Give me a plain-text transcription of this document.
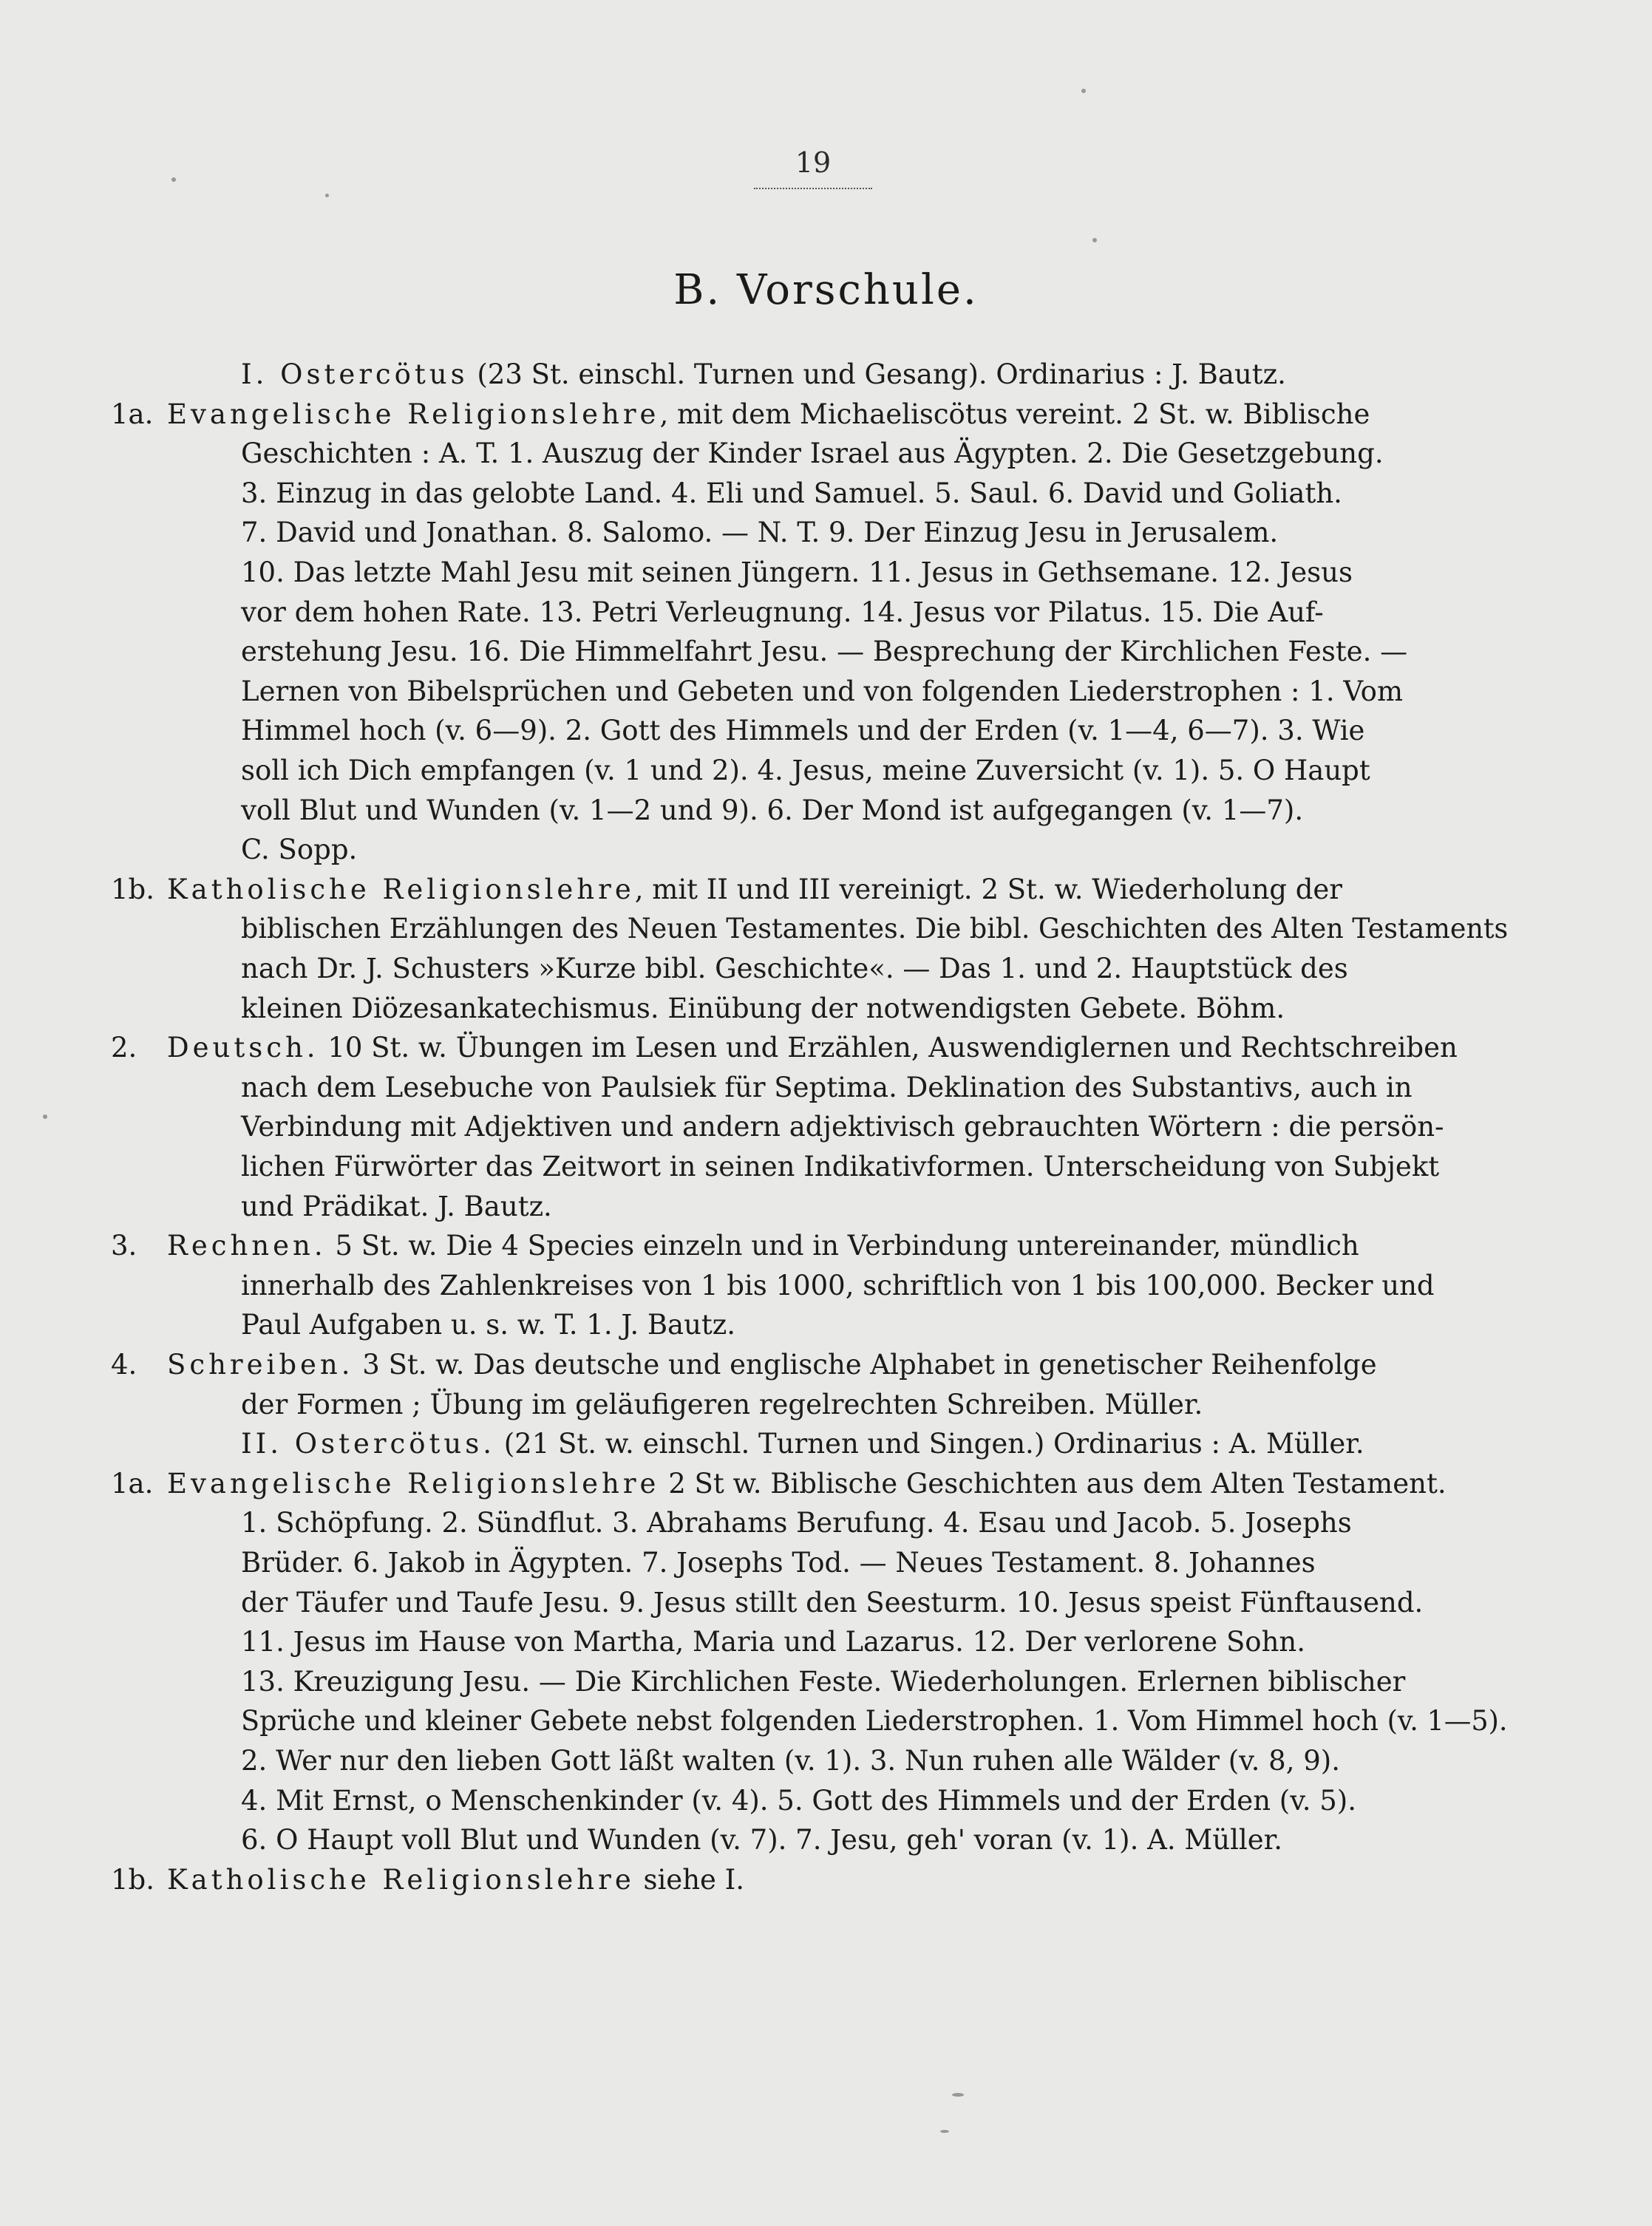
19
B. Vorschule.
I. Ostercötus (23 St. einschl. Turnen und Gesang). Ordinarius : J. Bautz.
1a. Evangelische Religionslehre, mit dem Michaeliscötus vereint. 2 St. w. Biblische
Geschichten : A. T. 1. Auszug der Kinder Israel aus Ägypten. 2. Die Gesetzgebung.
3. Einzug in das gelobte Land. 4. Eli und Samuel. 5. Saul. 6. David und Goliath.
7. David und Jonathan. 8. Salomo. — N. T. 9. Der Einzug Jesu in Jerusalem.
10. Das letzte Mahl Jesu mit seinen Jüngern. 11. Jesus in Gethsemane. 12. Jesus
vor dem hohen Rate. 13. Petri Verleugnung. 14. Jesus vor Pilatus. 15. Die Auf-
erstehung Jesu. 16. Die Himmelfahrt Jesu. — Besprechung der Kirchlichen Feste. —
Lernen von Bibelsprüchen und Gebeten und von folgenden Liederstrophen : 1. Vom
Himmel hoch (v. 6—9). 2. Gott des Himmels und der Erden (v. 1—4, 6—7). 3. Wie
soll ich Dich empfangen (v. 1 und 2). 4. Jesus, meine Zuversicht (v. 1). 5. O Haupt
voll Blut und Wunden (v. 1—2 und 9). 6. Der Mond ist aufgegangen (v. 1—7).
C. Sopp.
1b. Katholische Religionslehre, mit II und III vereinigt. 2 St. w. Wiederholung der
biblischen Erzählungen des Neuen Testamentes. Die bibl. Geschichten des Alten Testaments
nach Dr. J. Schusters »Kurze bibl. Geschichte«. — Das 1. und 2. Hauptstück des
kleinen Diözesankatechismus. Einübung der notwendigsten Gebete. Böhm.
2. Deutsch. 10 St. w. Übungen im Lesen und Erzählen, Auswendiglernen und Rechtschreiben
nach dem Lesebuche von Paulsiek für Septima. Deklination des Substantivs, auch in
Verbindung mit Adjektiven und andern adjektivisch gebrauchten Wörtern : die persön-
lichen Fürwörter das Zeitwort in seinen Indikativformen. Unterscheidung von Subjekt
und Prädikat. J. Bautz.
3. Rechnen. 5 St. w. Die 4 Species einzeln und in Verbindung untereinander, mündlich
innerhalb des Zahlenkreises von 1 bis 1000, schriftlich von 1 bis 100,000. Becker und
Paul Aufgaben u. s. w. T. 1. J. Bautz.
4. Schreiben. 3 St. w. Das deutsche und englische Alphabet in genetischer Reihenfolge
der Formen ; Übung im geläufigeren regelrechten Schreiben. Müller.
II. Ostercötus. (21 St. w. einschl. Turnen und Singen.) Ordinarius : A. Müller.
1a. Evangelische Religionslehre 2 St w. Biblische Geschichten aus dem Alten Testament.
1. Schöpfung. 2. Sündflut. 3. Abrahams Berufung. 4. Esau und Jacob. 5. Josephs
Brüder. 6. Jakob in Ägypten. 7. Josephs Tod. — Neues Testament. 8. Johannes
der Täufer und Taufe Jesu. 9. Jesus stillt den Seesturm. 10. Jesus speist Fünftausend.
11. Jesus im Hause von Martha, Maria und Lazarus. 12. Der verlorene Sohn.
13. Kreuzigung Jesu. — Die Kirchlichen Feste. Wiederholungen. Erlernen biblischer
Sprüche und kleiner Gebete nebst folgenden Liederstrophen. 1. Vom Himmel hoch (v. 1—5).
2. Wer nur den lieben Gott läßt walten (v. 1). 3. Nun ruhen alle Wälder (v. 8, 9).
4. Mit Ernst, o Menschenkinder (v. 4). 5. Gott des Himmels und der Erden (v. 5).
6. O Haupt voll Blut und Wunden (v. 7). 7. Jesu, geh' voran (v. 1). A. Müller.
1b. Katholische Religionslehre siehe I.
